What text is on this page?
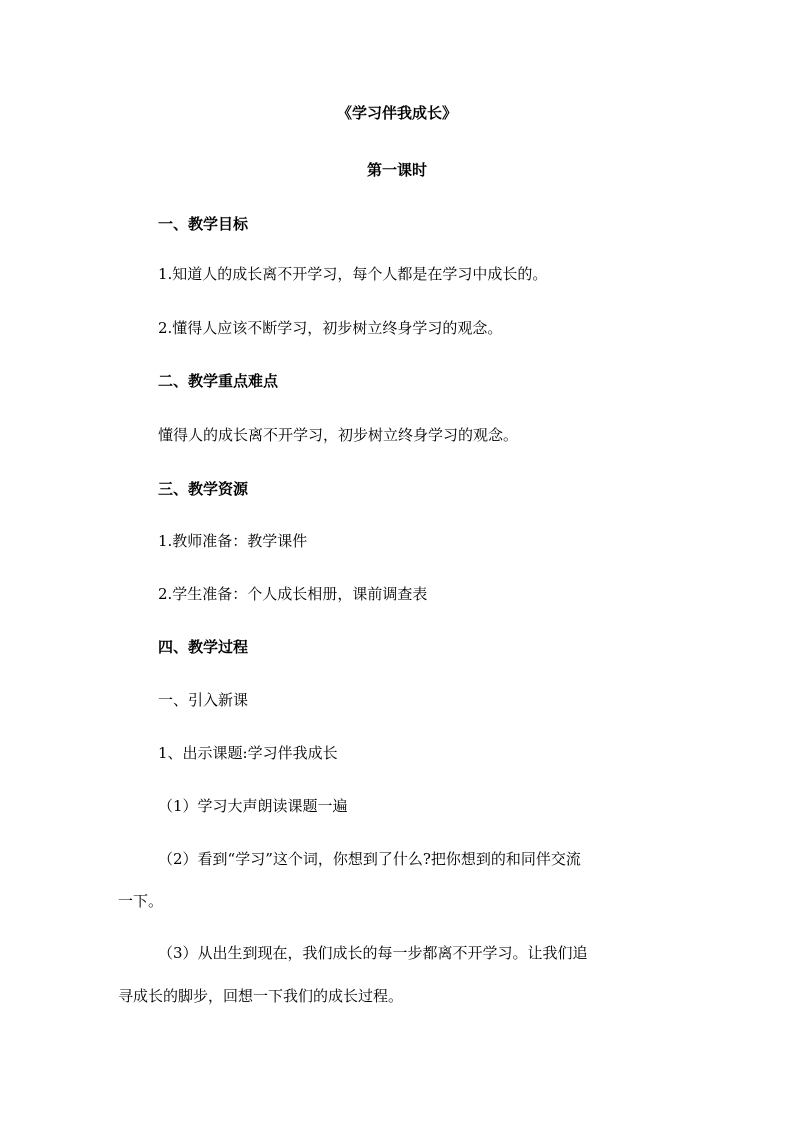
《学习伴我成长》
第一课时
一、教学目标
1.知道人的成长离不开学习，每个人都是在学习中成长的。
2.懂得人应该不断学习，初步树立终身学习的观念。
二、教学重点难点
懂得人的成长离不开学习，初步树立终身学习的观念。
三、教学资源
1.教师准备：教学课件
2.学生准备：个人成长相册，课前调查表
四、教学过程
一、引入新课
1、出示课题:学习伴我成长
（1）学习大声朗读课题一遍
（2）看到“学习”这个词，你想到了什么?把你想到的和同伴交流
一下。
（3）从出生到现在，我们成长的每一步都离不开学习。让我们追
寻成长的脚步，回想一下我们的成长过程。
